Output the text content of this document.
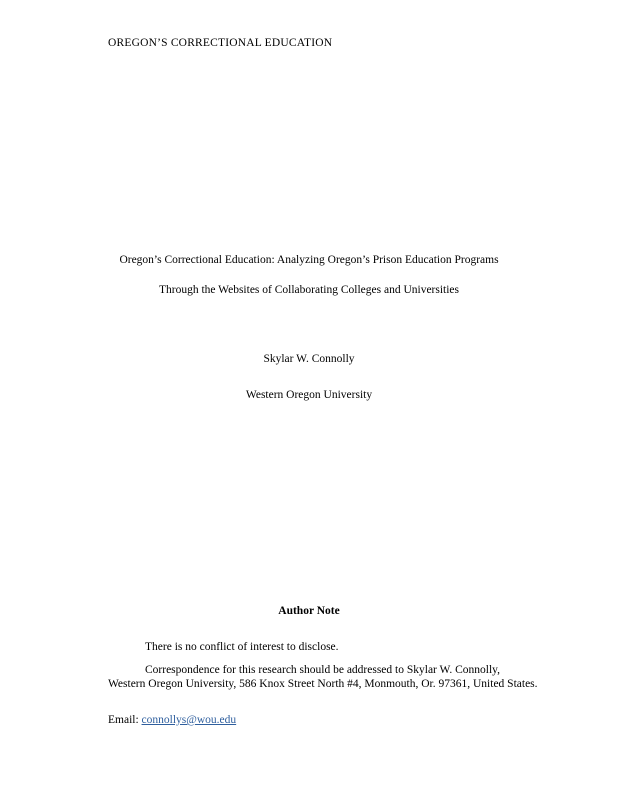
OREGON’S CORRECTIONAL EDUCATION
Oregon’s Correctional Education: Analyzing Oregon’s Prison Education Programs
Through the Websites of Collaborating Colleges and Universities
Skylar W. Connolly
Western Oregon University
Author Note
There is no conflict of interest to disclose.
Correspondence for this research should be addressed to Skylar W. Connolly, Western Oregon University, 586 Knox Street North #4, Monmouth, Or. 97361, United States.
Email: connollys@wou.edu
